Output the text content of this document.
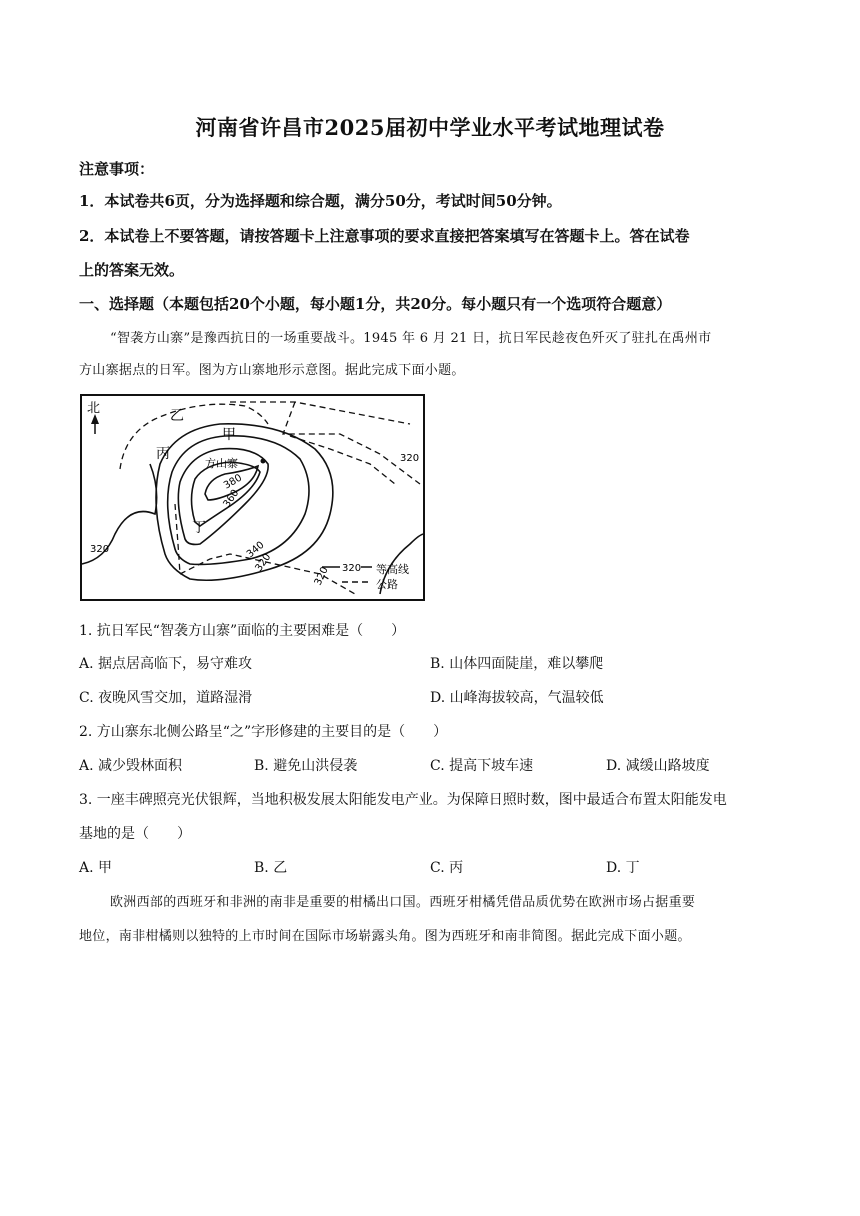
河南省许昌市2025届初中学业水平考试地理试卷
注意事项：
1．本试卷共6页，分为选择题和综合题，满分50分，考试时间50分钟。
2．本试卷上不要答题，请按答题卡上注意事项的要求直接把答案填写在答题卡上。答在试卷
上的答案无效。
一、选择题（本题包括20个小题，每小题1分，共20分。每小题只有一个选项符合题意）
“智袭方山寨”是豫西抗日的一场重要战斗。1945 年 6 月 21 日，抗日军民趁夜色歼灭了驻扎在禹州市
方山寨据点的日军。图为方山寨地形示意图。据此完成下面小题。
北
甲
乙
丙
丁
方山寨	320
320
320
320
340
360
380
320 等高线
公路
1. 抗日军民“智袭方山寨”面临的主要困难是（　　）
A. 据点居高临下，易守难攻	B. 山体四面陡崖，难以攀爬
C. 夜晚风雪交加，道路湿滑	D. 山峰海拔较高，气温较低
2. 方山寨东北侧公路呈“之”字形修建的主要目的是（　　）
A. 减少毁林面积	B. 避免山洪侵袭	C. 提高下坡车速	D. 减缓山路坡度
3. 一座丰碑照亮光伏银辉，当地积极发展太阳能发电产业。为保障日照时数，图中最适合布置太阳能发电
基地的是（　　）
A. 甲	B. 乙	C. 丙	D. 丁
欧洲西部的西班牙和非洲的南非是重要的柑橘出口国。西班牙柑橘凭借品质优势在欧洲市场占据重要
地位，南非柑橘则以独特的上市时间在国际市场崭露头角。图为西班牙和南非简图。据此完成下面小题。
